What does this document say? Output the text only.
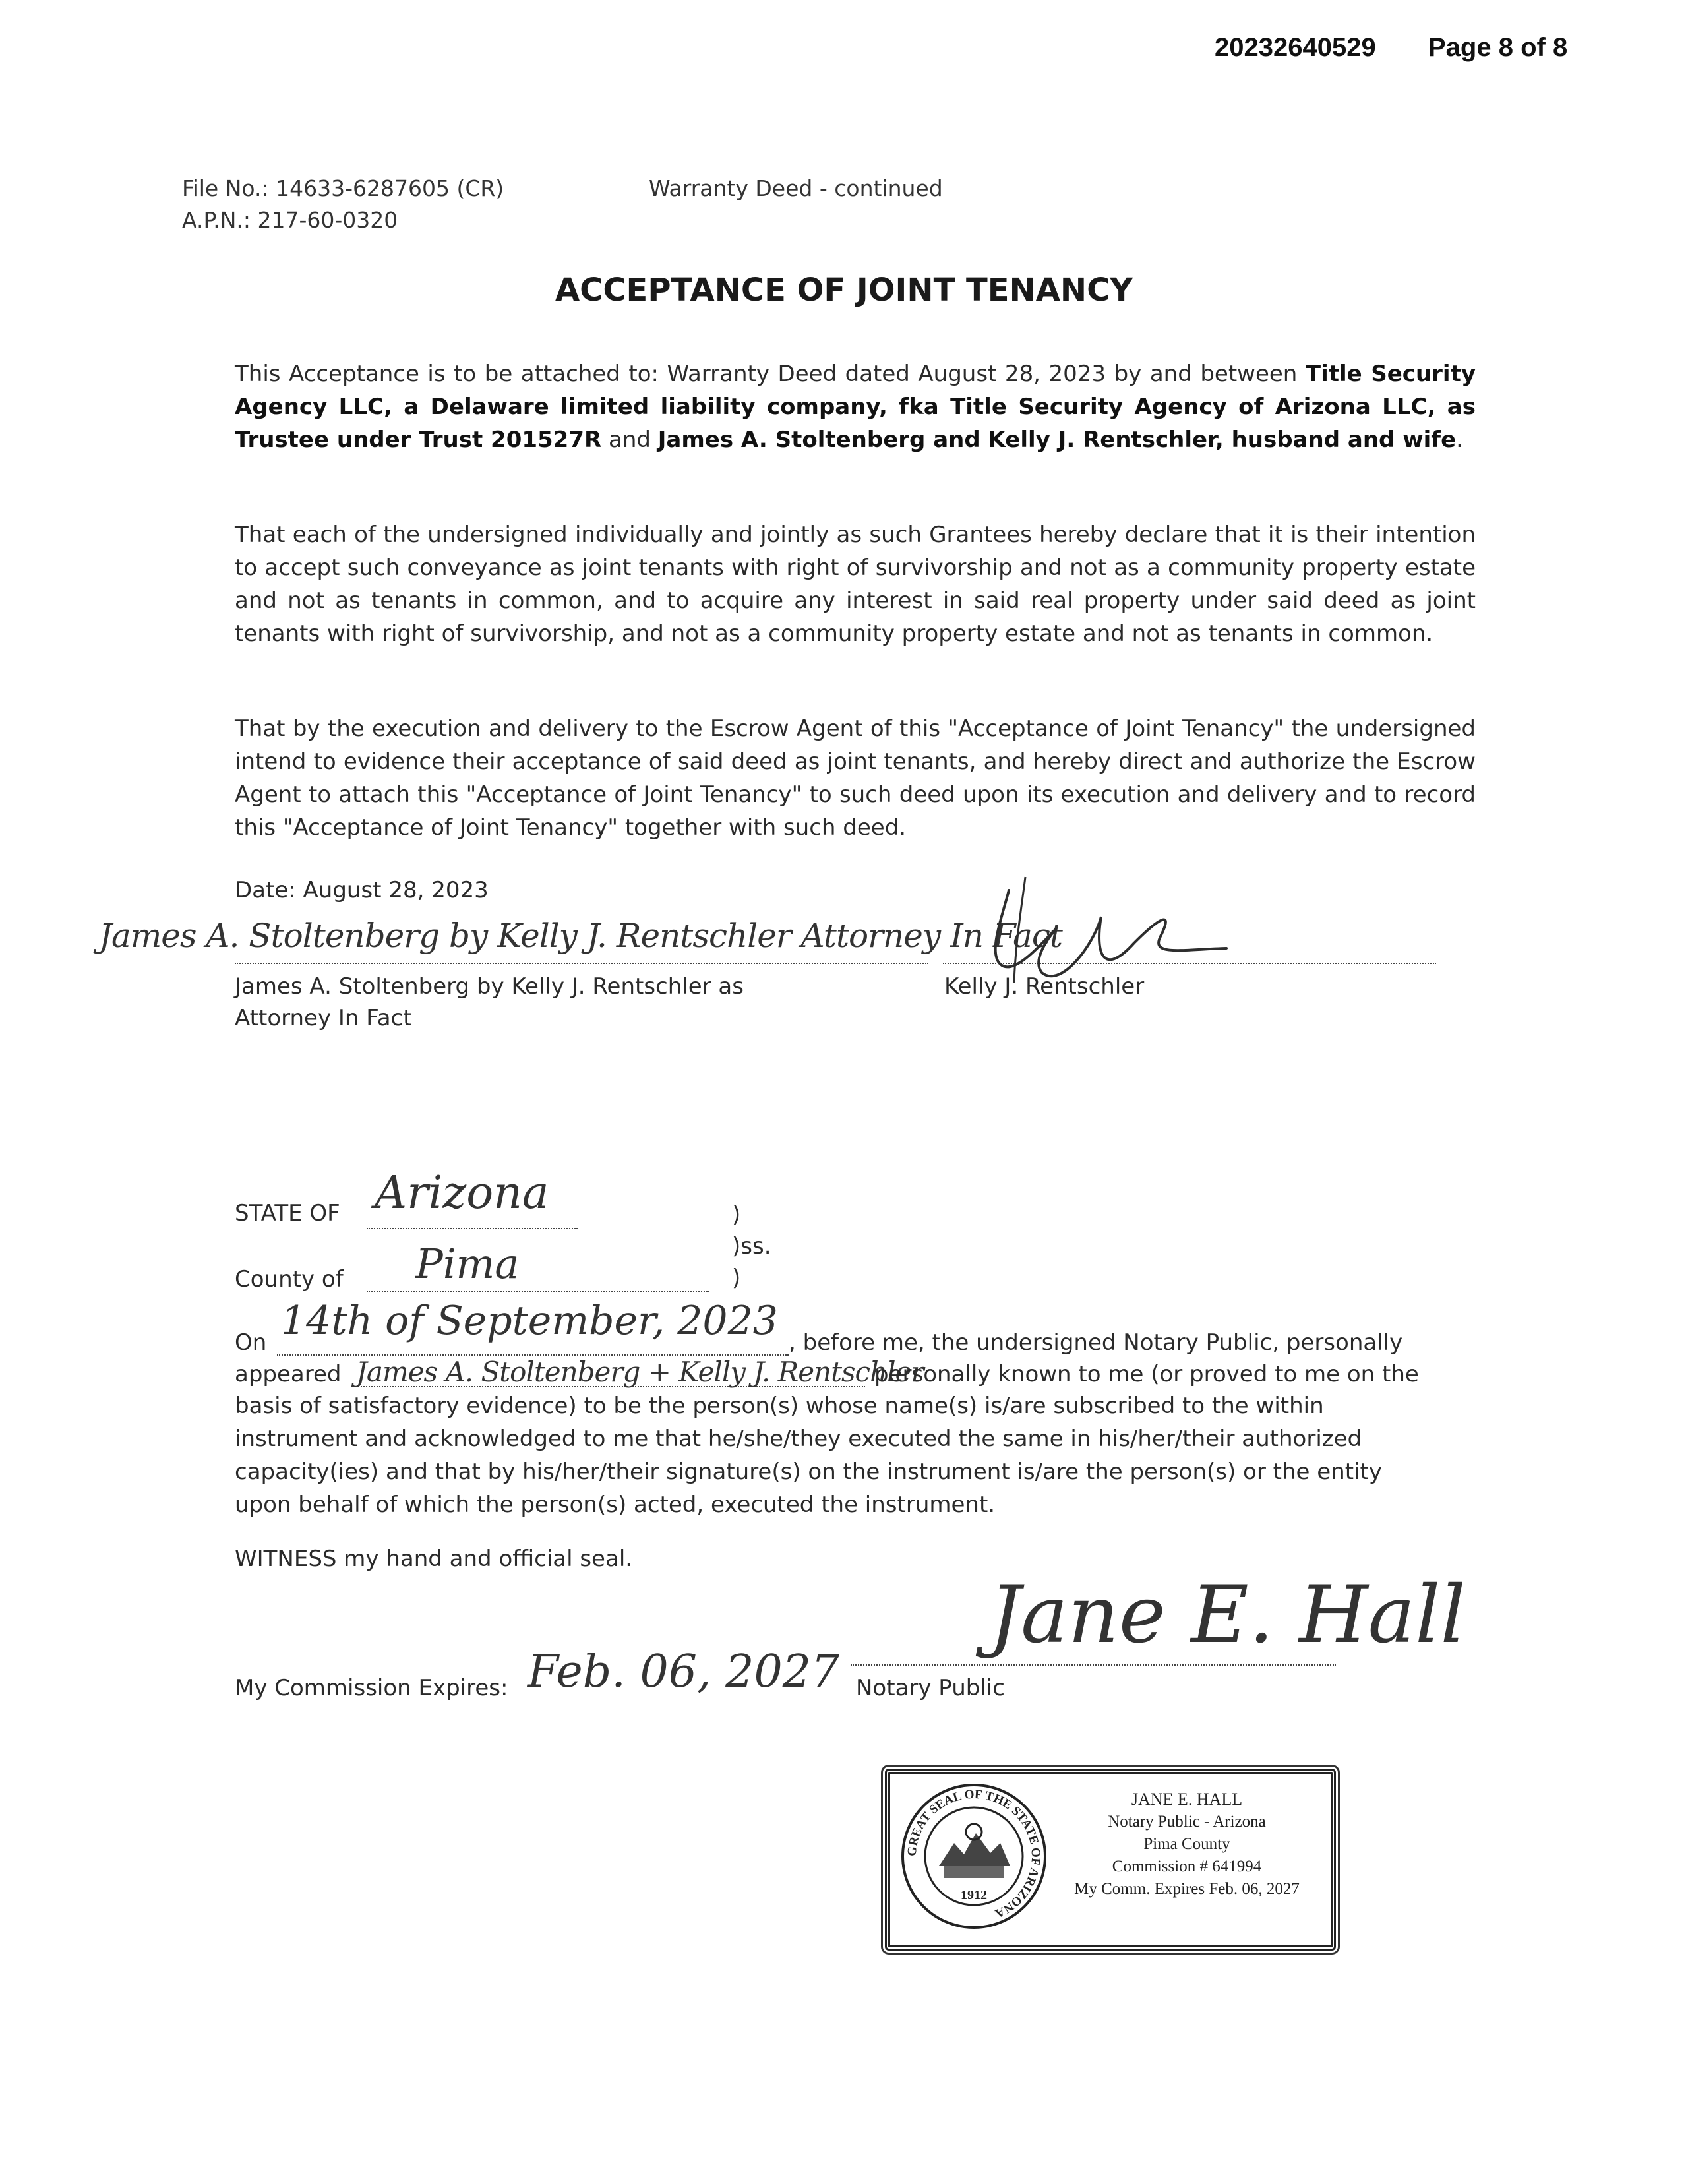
20232640529 Page 8 of 8
File No.: 14633-6287605 (CR)
A.P.N.: 217-60-0320
Warranty Deed - continued
ACCEPTANCE OF JOINT TENANCY
This Acceptance is to be attached to: Warranty Deed dated August 28, 2023 by and between Title Security Agency LLC, a Delaware limited liability company, fka Title Security Agency of Arizona LLC, as Trustee under Trust 201527R and James A. Stoltenberg and Kelly J. Rentschler, husband and wife.
That each of the undersigned individually and jointly as such Grantees hereby declare that it is their intention to accept such conveyance as joint tenants with right of survivorship and not as a community property estate and not as tenants in common, and to acquire any interest in said real property under said deed as joint tenants with right of survivorship, and not as a community property estate and not as tenants in common.
That by the execution and delivery to the Escrow Agent of this "Acceptance of Joint Tenancy" the undersigned intend to evidence their acceptance of said deed as joint tenants, and hereby direct and authorize the Escrow Agent to attach this "Acceptance of Joint Tenancy" to such deed upon its execution and delivery and to record this "Acceptance of Joint Tenancy" together with such deed.
Date: August 28, 2023
James A. Stoltenberg by Kelly J. Rentschler Attorney In Fact
James A. Stoltenberg by Kelly J. Rentschler as
Attorney In Fact
Kelly J. Rentschler
STATE OF Arizona
County of Pima
)
)ss.
)
On 14th of September, 2023 , before me, the undersigned Notary Public, personally
appeared James A. Stoltenberg + Kelly J. Rentschler
personally known to me (or proved to me on the
basis of satisfactory evidence) to be the person(s) whose name(s) is/are subscribed to the within
instrument and acknowledged to me that he/she/they executed the same in his/her/their authorized
capacity(ies) and that by his/her/their signature(s) on the instrument is/are the person(s) or the entity
upon behalf of which the person(s) acted, executed the instrument.
WITNESS my hand and official seal.
My Commission Expires: Feb. 06, 2027 Notary Public
Jane E. Hall
GREAT SEAL OF THE STATE OF ARIZONA
1912
JANE E. HALL
Notary Public - Arizona
Pima County
Commission # 641994
My Comm. Expires Feb. 06, 2027
